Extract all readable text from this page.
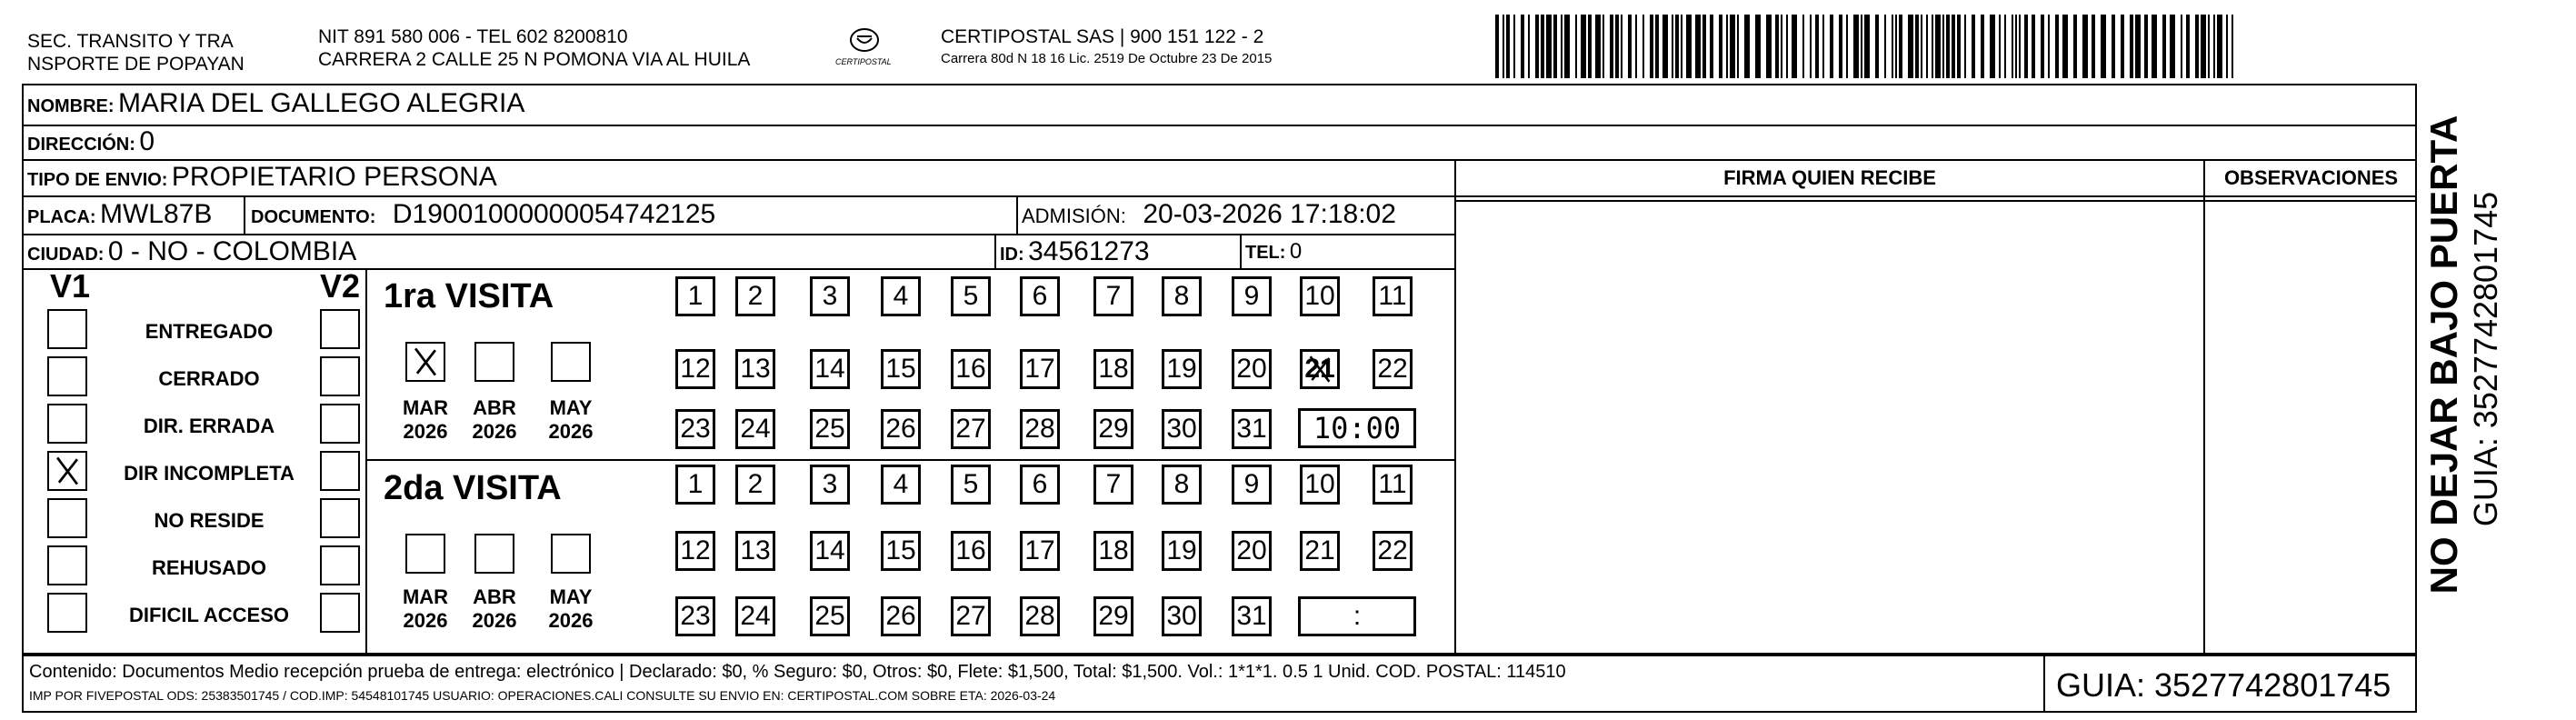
SEC. TRANSITO Y TRA
NSPORTE DE POPAYAN
NIT 891 580 006 - TEL 602 8200810
CARRERA 2 CALLE 25 N POMONA VIA AL HUILA	CERTIPOSTAL
CERTIPOSTAL SAS | 900 151 122 - 2
Carrera 80d N 18 16 Lic. 2519 De Octubre 23 De 2015
NOMBRE: MARIA DEL GALLEGO ALEGRIA
DIRECCIÓN: 0
TIPO DE ENVIO: PROPIETARIO PERSONA
PLACA: MWL87B DOCUMENTO: D19001000000054742125	ADMISIÓN: 20-03-2026 17:18:02
CIUDAD: 0 - NO - COLOMBIA	ID: 34561273	TEL: 0
FIRMA QUIEN RECIBE	OBSERVACIONES
V1	V2
ENTREGADO
CERRADO
DIR. ERRADA
DIR INCOMPLETA
NO RESIDE
REHUSADO
DIFICIL ACCESO
1ra VISITA
2da VISITA
MAR
2026
ABR
2026
MAY
2026
MAR
2026
ABR
2026
MAY
2026
1	2	3	4	5	6	7	8	9	10 11
12 13 14 15 16 17 18 19 20 21 22
23 24 25 26 27 28 29 30 31
1	2	3	4	5	6	7	8	9	10 11
12 13 14 15 16 17 18 19 20 21 22
23 24 25 26 27 28 29 30 31
10:00
:
Contenido: Documentos Medio recepción prueba de entrega: electrónico | Declarado: $0, % Seguro: $0, Otros: $0, Flete: $1,500, Total: $1,500. Vol.: 1*1*1. 0.5 1 Unid. COD. POSTAL: 114510
IMP POR FIVEPOSTAL ODS: 25383501745 / COD.IMP: 54548101745 USUARIO: OPERACIONES.CALI CONSULTE SU ENVIO EN: CERTIPOSTAL.COM SOBRE ETA: 2026-03-24	GUIA: 3527742801745
NO DEJAR BAJO PUERTA GUIA: 3527742801745
